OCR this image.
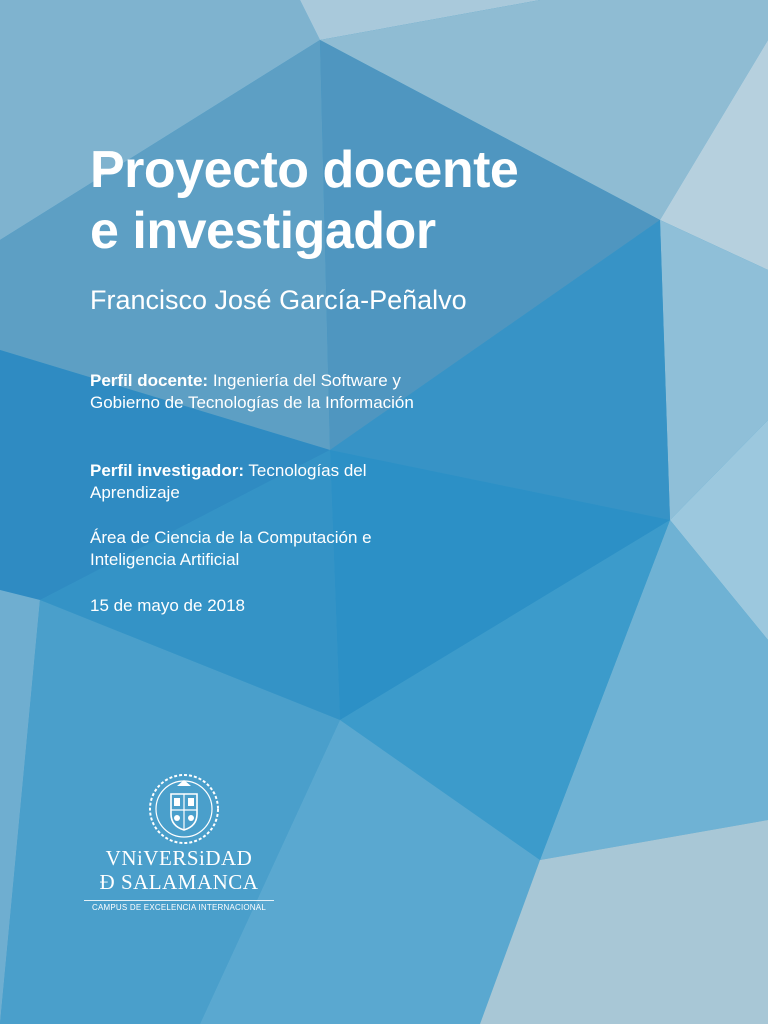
Proyecto docente
e investigador

Francisco José García-Peñalvo

Perfil docente: Ingeniería del Software y Gobierno de Tecnologías de la Información

Perfil investigador: Tecnologías del Aprendizaje

Área de Ciencia de la Computación e Inteligencia Artificial

15 de mayo de 2018

VNiVERSiDAD
Ð SALAMANCA
CAMPUS DE EXCELENCIA INTERNACIONAL
